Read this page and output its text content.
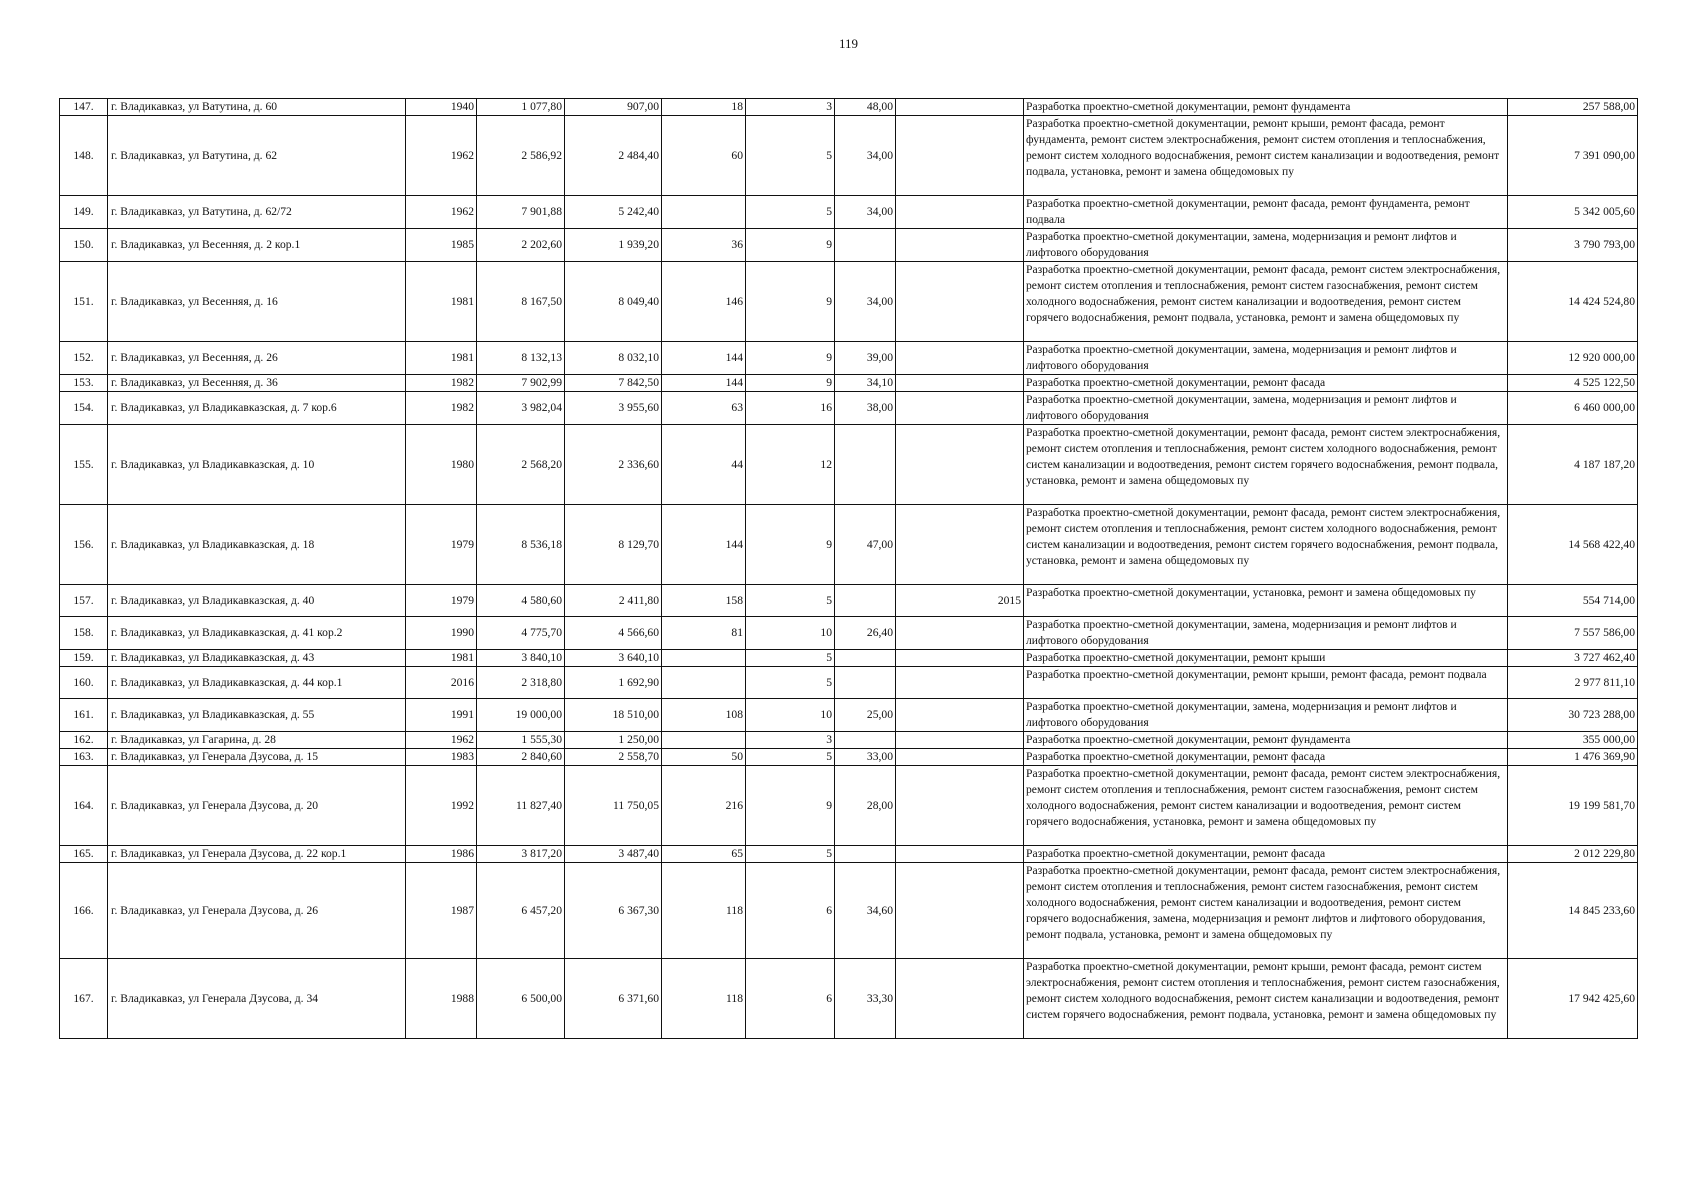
119
147.	г. Владикавказ, ул Ватутина, д. 60	1940	1 077,80	907,00	18	3	48,00		Разработка проектно-сметной документации, ремонт фундамента	257 588,00
148.	г. Владикавказ, ул Ватутина, д. 62	1962	2 586,92	2 484,40	60	5	34,00		Разработка проектно-сметной документации, ремонт крыши, ремонт фасада, ремонт фундамента, ремонт систем электроснабжения, ремонт систем отопления и теплоснабжения, ремонт систем холодного водоснабжения, ремонт систем канализации и водоотведения, ремонт подвала, установка, ремонт и замена общедомовых пу	7 391 090,00
149.	г. Владикавказ, ул Ватутина, д. 62/72	1962	7 901,88	5 242,40		5	34,00		Разработка проектно-сметной документации, ремонт фасада, ремонт фундамента, ремонт подвала	5 342 005,60
150.	г. Владикавказ, ул Весенняя, д. 2 кор.1	1985	2 202,60	1 939,20	36	9			Разработка проектно-сметной документации, замена, модернизация и ремонт лифтов и лифтового оборудования	3 790 793,00
151.	г. Владикавказ, ул Весенняя, д. 16	1981	8 167,50	8 049,40	146	9	34,00		Разработка проектно-сметной документации, ремонт фасада, ремонт систем электроснабжения, ремонт систем отопления и теплоснабжения, ремонт систем газоснабжения, ремонт систем холодного водоснабжения, ремонт систем канализации и водоотведения, ремонт систем горячего водоснабжения, ремонт подвала, установка, ремонт и замена общедомовых пу	14 424 524,80
152.	г. Владикавказ, ул Весенняя, д. 26	1981	8 132,13	8 032,10	144	9	39,00		Разработка проектно-сметной документации, замена, модернизация и ремонт лифтов и лифтового оборудования	12 920 000,00
153.	г. Владикавказ, ул Весенняя, д. 36	1982	7 902,99	7 842,50	144	9	34,10		Разработка проектно-сметной документации, ремонт фасада	4 525 122,50
154.	г. Владикавказ, ул Владикавказская, д. 7 кор.6	1982	3 982,04	3 955,60	63	16	38,00		Разработка проектно-сметной документации, замена, модернизация и ремонт лифтов и лифтового оборудования	6 460 000,00
155.	г. Владикавказ, ул Владикавказская, д. 10	1980	2 568,20	2 336,60	44	12			Разработка проектно-сметной документации, ремонт фасада, ремонт систем электроснабжения, ремонт систем отопления и теплоснабжения, ремонт систем холодного водоснабжения, ремонт систем канализации и водоотведения, ремонт систем горячего водоснабжения, ремонт подвала, установка, ремонт и замена общедомовых пу	4 187 187,20
156.	г. Владикавказ, ул Владикавказская, д. 18	1979	8 536,18	8 129,70	144	9	47,00		Разработка проектно-сметной документации, ремонт фасада, ремонт систем электроснабжения, ремонт систем отопления и теплоснабжения, ремонт систем холодного водоснабжения, ремонт систем канализации и водоотведения, ремонт систем горячего водоснабжения, ремонт подвала, установка, ремонт и замена общедомовых пу	14 568 422,40
157.	г. Владикавказ, ул Владикавказская, д. 40	1979	4 580,60	2 411,80	158	5		2015	Разработка проектно-сметной документации, установка, ремонт и замена общедомовых пу	554 714,00
158.	г. Владикавказ, ул Владикавказская, д. 41 кор.2	1990	4 775,70	4 566,60	81	10	26,40		Разработка проектно-сметной документации, замена, модернизация и ремонт лифтов и лифтового оборудования	7 557 586,00
159.	г. Владикавказ, ул Владикавказская, д. 43	1981	3 840,10	3 640,10		5			Разработка проектно-сметной документации, ремонт крыши	3 727 462,40
160.	г. Владикавказ, ул Владикавказская, д. 44 кор.1	2016	2 318,80	1 692,90		5			Разработка проектно-сметной документации, ремонт крыши, ремонт фасада, ремонт подвала	2 977 811,10
161.	г. Владикавказ, ул Владикавказская, д. 55	1991	19 000,00	18 510,00	108	10	25,00		Разработка проектно-сметной документации, замена, модернизация и ремонт лифтов и лифтового оборудования	30 723 288,00
162.	г. Владикавказ, ул Гагарина, д. 28	1962	1 555,30	1 250,00		3			Разработка проектно-сметной документации, ремонт фундамента	355 000,00
163.	г. Владикавказ, ул Генерала Дзусова, д. 15	1983	2 840,60	2 558,70	50	5	33,00		Разработка проектно-сметной документации, ремонт фасада	1 476 369,90
164.	г. Владикавказ, ул Генерала Дзусова, д. 20	1992	11 827,40	11 750,05	216	9	28,00		Разработка проектно-сметной документации, ремонт фасада, ремонт систем электроснабжения, ремонт систем отопления и теплоснабжения, ремонт систем газоснабжения, ремонт систем холодного водоснабжения, ремонт систем канализации и водоотведения, ремонт систем горячего водоснабжения, установка, ремонт и замена общедомовых пу	19 199 581,70
165.	г. Владикавказ, ул Генерала Дзусова, д. 22 кор.1	1986	3 817,20	3 487,40	65	5			Разработка проектно-сметной документации, ремонт фасада	2 012 229,80
166.	г. Владикавказ, ул Генерала Дзусова, д. 26	1987	6 457,20	6 367,30	118	6	34,60		Разработка проектно-сметной документации, ремонт фасада, ремонт систем электроснабжения, ремонт систем отопления и теплоснабжения, ремонт систем газоснабжения, ремонт систем холодного водоснабжения, ремонт систем канализации и водоотведения, ремонт систем горячего водоснабжения, замена, модернизация и ремонт лифтов и лифтового оборудования, ремонт подвала, установка, ремонт и замена общедомовых пу	14 845 233,60
167.	г. Владикавказ, ул Генерала Дзусова, д. 34	1988	6 500,00	6 371,60	118	6	33,30		Разработка проектно-сметной документации, ремонт крыши, ремонт фасада, ремонт систем электроснабжения, ремонт систем отопления и теплоснабжения, ремонт систем газоснабжения, ремонт систем холодного водоснабжения, ремонт систем канализации и водоотведения, ремонт систем горячего водоснабжения, ремонт подвала, установка, ремонт и замена общедомовых пу	17 942 425,60
